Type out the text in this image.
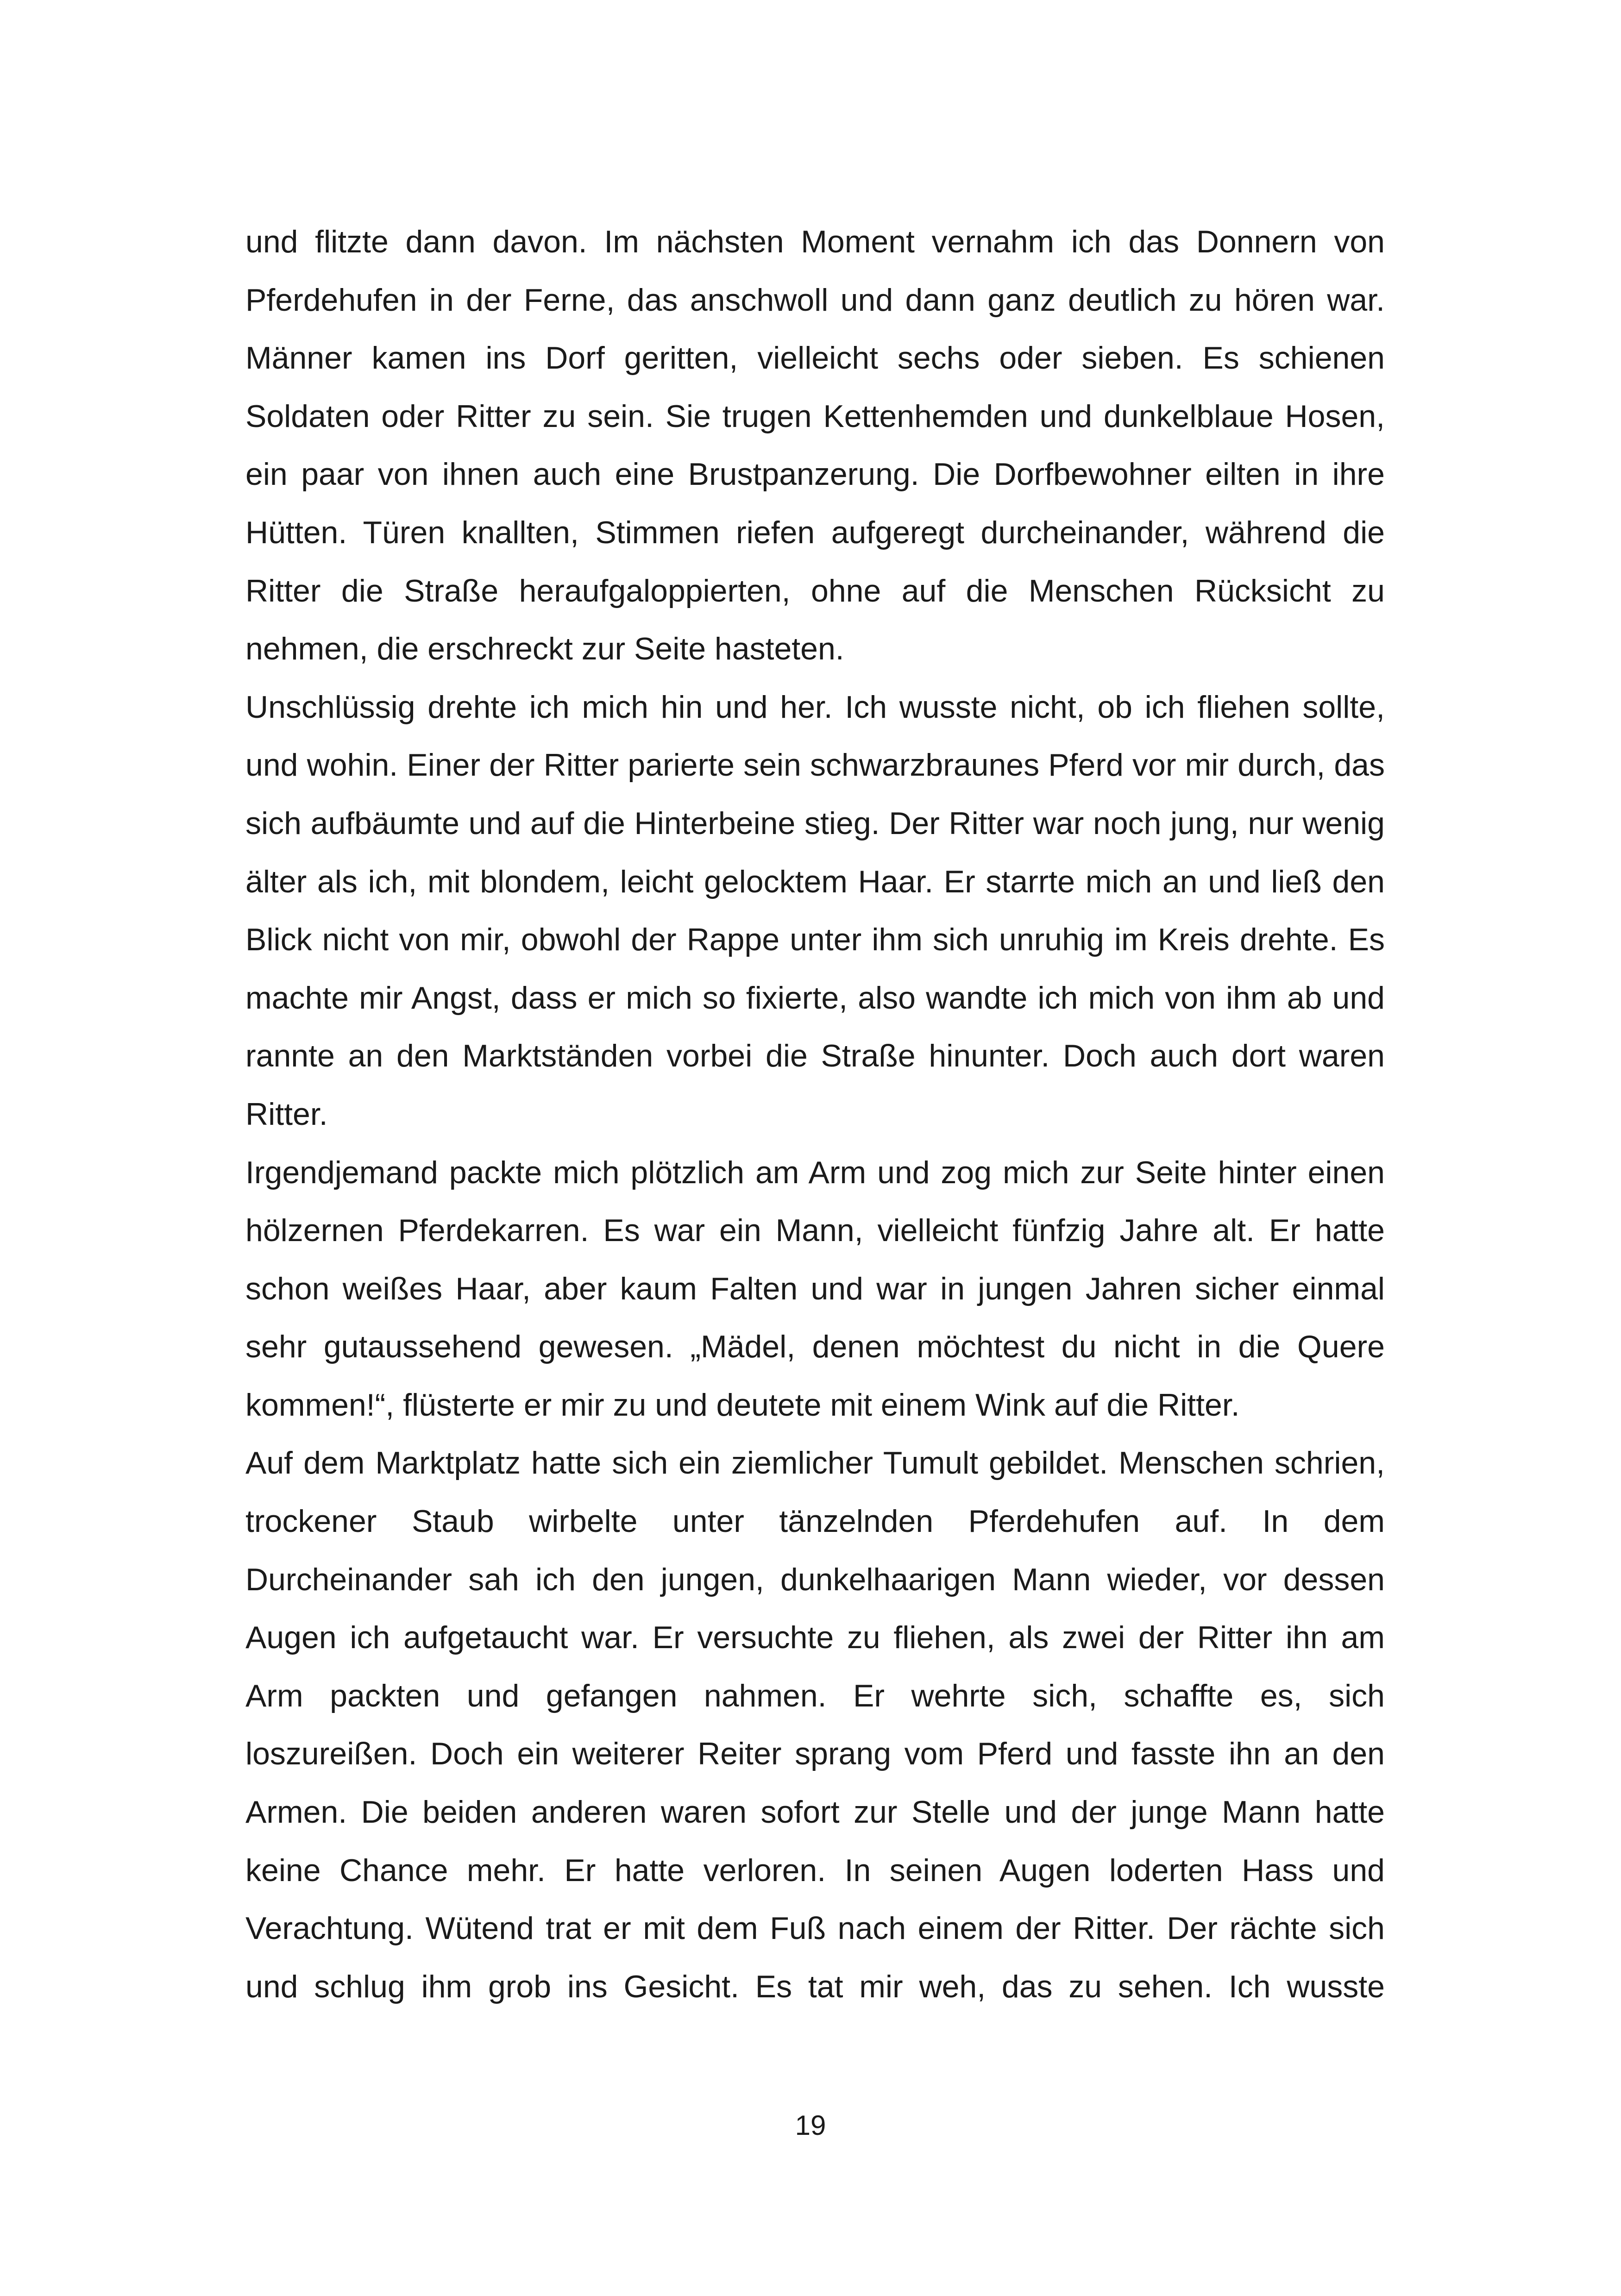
und flitzte dann davon. Im nächsten Moment vernahm ich das Donnern von Pferdehufen in der Ferne, das anschwoll und dann ganz deutlich zu hören war. Männer kamen ins Dorf geritten, vielleicht sechs oder sieben. Es schienen Soldaten oder Ritter zu sein. Sie trugen Kettenhemden und dunkelblaue Hosen, ein paar von ihnen auch eine Brustpanzerung. Die Dorfbewohner eilten in ihre Hütten. Türen knallten, Stimmen riefen aufgeregt durcheinander, während die Ritter die Straße heraufgaloppierten, ohne auf die Menschen Rücksicht zu nehmen, die erschreckt zur Seite hasteten.

Unschlüssig drehte ich mich hin und her. Ich wusste nicht, ob ich fliehen sollte, und wohin. Einer der Ritter parierte sein schwarzbraunes Pferd vor mir durch, das sich aufbäumte und auf die Hinterbeine stieg. Der Ritter war noch jung, nur wenig älter als ich, mit blondem, leicht gelocktem Haar. Er starrte mich an und ließ den Blick nicht von mir, obwohl der Rappe unter ihm sich unruhig im Kreis drehte. Es machte mir Angst, dass er mich so fixierte, also wandte ich mich von ihm ab und rannte an den Marktständen vorbei die Straße hinunter. Doch auch dort waren Ritter.

Irgendjemand packte mich plötzlich am Arm und zog mich zur Seite hinter einen hölzernen Pferdekarren. Es war ein Mann, vielleicht fünfzig Jahre alt. Er hatte schon weißes Haar, aber kaum Falten und war in jungen Jahren sicher einmal sehr gutaussehend gewesen. „Mädel, denen möchtest du nicht in die Quere kommen!“, flüsterte er mir zu und deutete mit einem Wink auf die Ritter.

Auf dem Marktplatz hatte sich ein ziemlicher Tumult gebildet. Menschen schrien, trockener Staub wirbelte unter tänzelnden Pferdehufen auf. In dem Durcheinander sah ich den jungen, dunkelhaarigen Mann wieder, vor dessen Augen ich aufgetaucht war. Er versuchte zu fliehen, als zwei der Ritter ihn am Arm packten und gefangen nahmen. Er wehrte sich, schaffte es, sich loszureißen. Doch ein weiterer Reiter sprang vom Pferd und fasste ihn an den Armen. Die beiden anderen waren sofort zur Stelle und der junge Mann hatte keine Chance mehr. Er hatte verloren. In seinen Augen loderten Hass und Verachtung. Wütend trat er mit dem Fuß nach einem der Ritter. Der rächte sich und schlug ihm grob ins Gesicht. Es tat mir weh, das zu sehen. Ich wusste

19
